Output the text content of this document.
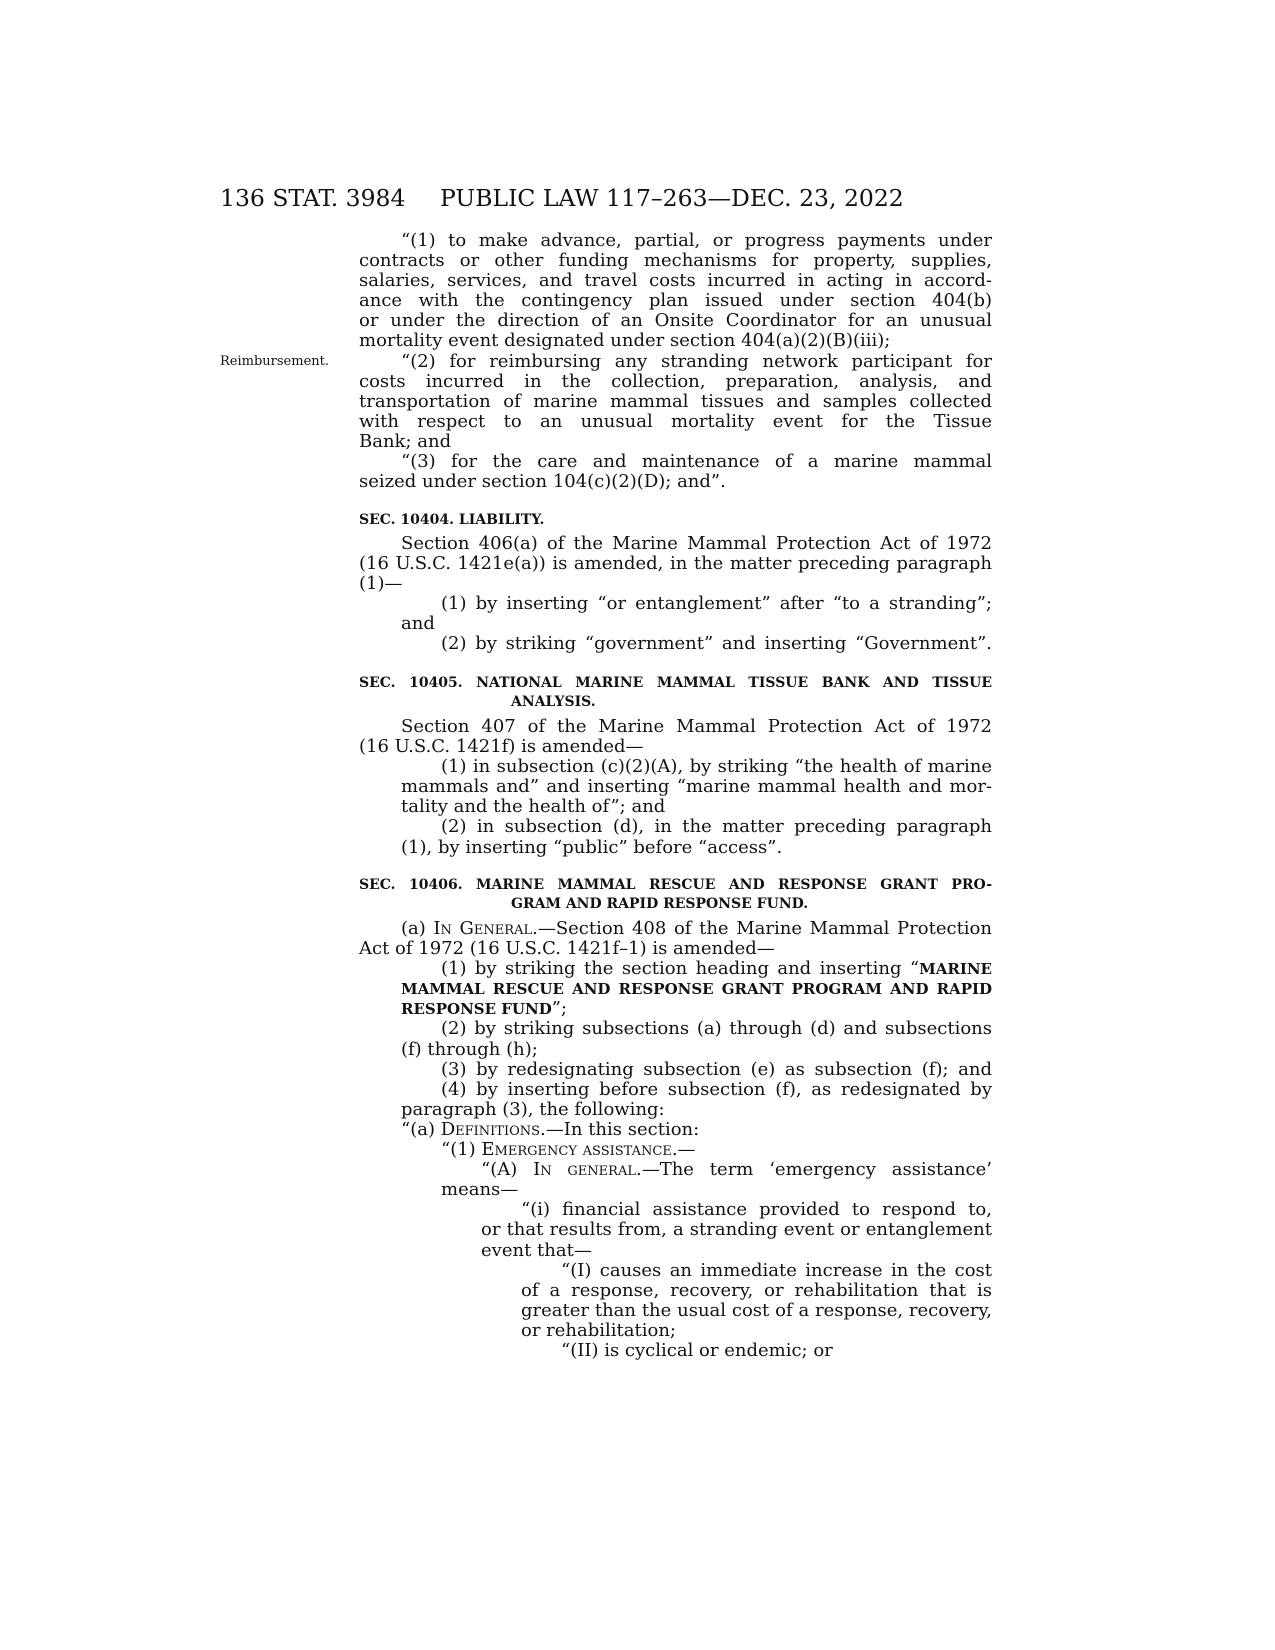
136 STAT. 3984 PUBLIC LAW 117–263—DEC. 23, 2022
Reimbursement.
“(1) to make advance, partial, or progress payments under
contracts or other funding mechanisms for property, supplies,
salaries, services, and travel costs incurred in acting in accord-
ance with the contingency plan issued under section 404(b)
or under the direction of an Onsite Coordinator for an unusual
mortality event designated under section 404(a)(2)(B)(iii);
“(2) for reimbursing any stranding network participant for
costs incurred in the collection, preparation, analysis, and
transportation of marine mammal tissues and samples collected
with respect to an unusual mortality event for the Tissue
Bank; and
“(3) for the care and maintenance of a marine mammal
seized under section 104(c)(2)(D); and”.
SEC. 10404. LIABILITY.
Section 406(a) of the Marine Mammal Protection Act of 1972
(16 U.S.C. 1421e(a)) is amended, in the matter preceding paragraph
(1)—
(1) by inserting “or entanglement” after “to a stranding”;
and
(2) by striking “government” and inserting “Government”.
SEC. 10405. NATIONAL MARINE MAMMAL TISSUE BANK AND TISSUE
ANALYSIS.
Section 407 of the Marine Mammal Protection Act of 1972
(16 U.S.C. 1421f) is amended—
(1) in subsection (c)(2)(A), by striking “the health of marine
mammals and” and inserting “marine mammal health and mor-
tality and the health of”; and
(2) in subsection (d), in the matter preceding paragraph
(1), by inserting “public” before “access”.
SEC. 10406. MARINE MAMMAL RESCUE AND RESPONSE GRANT PRO-
GRAM AND RAPID RESPONSE FUND.
(a) In General.—Section 408 of the Marine Mammal Protection
Act of 1972 (16 U.S.C. 1421f–1) is amended—
(1) by striking the section heading and inserting “MARINE
MAMMAL RESCUE AND RESPONSE GRANT PROGRAM AND RAPID
RESPONSE FUND”;
(2) by striking subsections (a) through (d) and subsections
(f) through (h);
(3) by redesignating subsection (e) as subsection (f); and
(4) by inserting before subsection (f), as redesignated by
paragraph (3), the following:
“(a) Definitions.—In this section:
“(1) Emergency assistance.—
“(A) In general.—The term ‘emergency assistance’
means—
“(i) financial assistance provided to respond to,
or that results from, a stranding event or entanglement
event that—
“(I) causes an immediate increase in the cost
of a response, recovery, or rehabilitation that is
greater than the usual cost of a response, recovery,
or rehabilitation;
“(II) is cyclical or endemic; or
